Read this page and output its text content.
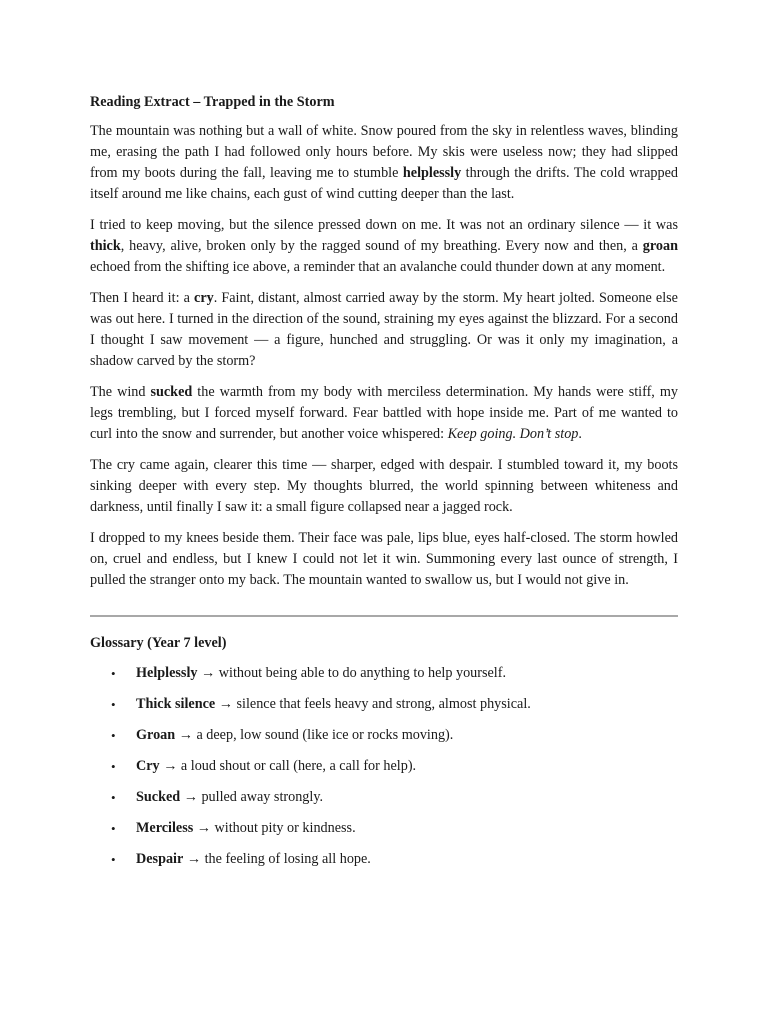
Reading Extract – Trapped in the Storm

The mountain was nothing but a wall of white. Snow poured from the sky in relentless waves, blinding me, erasing the path I had followed only hours before. My skis were useless now; they had slipped from my boots during the fall, leaving me to stumble helplessly through the drifts. The cold wrapped itself around me like chains, each gust of wind cutting deeper than the last.

I tried to keep moving, but the silence pressed down on me. It was not an ordinary silence — it was thick, heavy, alive, broken only by the ragged sound of my breathing. Every now and then, a groan echoed from the shifting ice above, a reminder that an avalanche could thunder down at any moment.

Then I heard it: a cry. Faint, distant, almost carried away by the storm. My heart jolted. Someone else was out here. I turned in the direction of the sound, straining my eyes against the blizzard. For a second I thought I saw movement — a figure, hunched and struggling. Or was it only my imagination, a shadow carved by the storm?

The wind sucked the warmth from my body with merciless determination. My hands were stiff, my legs trembling, but I forced myself forward. Fear battled with hope inside me. Part of me wanted to curl into the snow and surrender, but another voice whispered: Keep going. Don’t stop.

The cry came again, clearer this time — sharper, edged with despair. I stumbled toward it, my boots sinking deeper with every step. My thoughts blurred, the world spinning between whiteness and darkness, until finally I saw it: a small figure collapsed near a jagged rock.

I dropped to my knees beside them. Their face was pale, lips blue, eyes half-closed. The storm howled on, cruel and endless, but I knew I could not let it win. Summoning every last ounce of strength, I pulled the stranger onto my back. The mountain wanted to swallow us, but I would not give in.

Glossary (Year 7 level)
• Helplessly → without being able to do anything to help yourself.
• Thick silence → silence that feels heavy and strong, almost physical.
• Groan → a deep, low sound (like ice or rocks moving).
• Cry → a loud shout or call (here, a call for help).
• Sucked → pulled away strongly.
• Merciless → without pity or kindness.
• Despair → the feeling of losing all hope.
